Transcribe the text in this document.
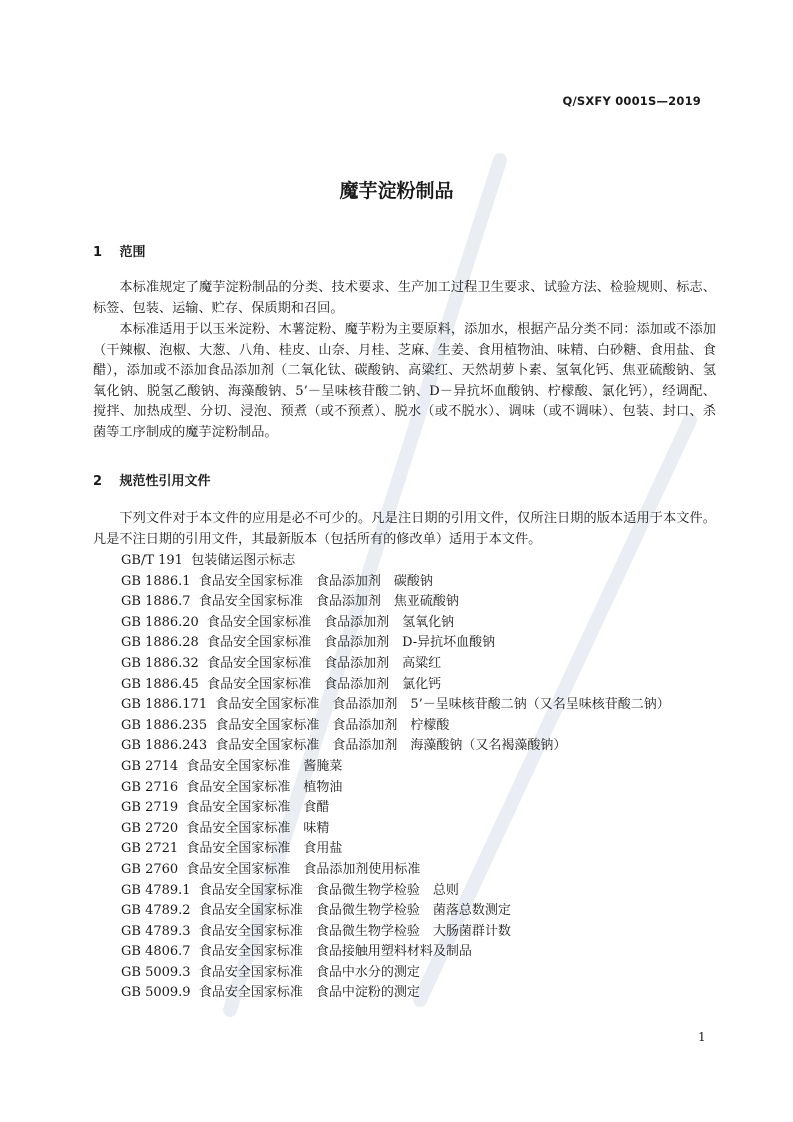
Q/SXFY 0001S—2019
魔芋淀粉制品
1 范围
本标准规定了魔芋淀粉制品的分类、技术要求、生产加工过程卫生要求、试验方法、检验规则、标志、标签、包装、运输、贮存、保质期和召回。
本标准适用于以玉米淀粉、木薯淀粉、魔芋粉为主要原料，添加水，根据产品分类不同：添加或不添加（干辣椒、泡椒、大葱、八角、桂皮、山奈、月桂、芝麻、生姜、食用植物油、味精、白砂糖、食用盐、食醋），添加或不添加食品添加剂（二氧化钛、碳酸钠、高粱红、天然胡萝卜素、氢氧化钙、焦亚硫酸钠、氢氧化钠、脱氢乙酸钠、海藻酸钠、5’－呈味核苷酸二钠、D－异抗坏血酸钠、柠檬酸、氯化钙），经调配、搅拌、加热成型、分切、浸泡、预煮（或不预煮）、脱水（或不脱水）、调味（或不调味）、包装、封口、杀菌等工序制成的魔芋淀粉制品。
2 规范性引用文件
下列文件对于本文件的应用是必不可少的。凡是注日期的引用文件，仅所注日期的版本适用于本文件。凡是不注日期的引用文件，其最新版本（包括所有的修改单）适用于本文件。
GB/T 191 包装储运图示标志
GB 1886.1 食品安全国家标准　食品添加剂　碳酸钠
GB 1886.7 食品安全国家标准　食品添加剂　焦亚硫酸钠
GB 1886.20 食品安全国家标准　食品添加剂　氢氧化钠
GB 1886.28 食品安全国家标准　食品添加剂　D-异抗坏血酸钠
GB 1886.32 食品安全国家标准　食品添加剂　高粱红
GB 1886.45 食品安全国家标准　食品添加剂　氯化钙
GB 1886.171 食品安全国家标准　食品添加剂　5’－呈味核苷酸二钠（又名呈味核苷酸二钠）
GB 1886.235 食品安全国家标准　食品添加剂　柠檬酸
GB 1886.243 食品安全国家标准　食品添加剂　海藻酸钠（又名褐藻酸钠）
GB 2714 食品安全国家标准　酱腌菜
GB 2716 食品安全国家标准　植物油
GB 2719 食品安全国家标准　食醋
GB 2720 食品安全国家标准　味精
GB 2721 食品安全国家标准　食用盐
GB 2760 食品安全国家标准　食品添加剂使用标准
GB 4789.1 食品安全国家标准　食品微生物学检验　总则
GB 4789.2 食品安全国家标准　食品微生物学检验　菌落总数测定
GB 4789.3 食品安全国家标准　食品微生物学检验　大肠菌群计数
GB 4806.7 食品安全国家标准　食品接触用塑料材料及制品
GB 5009.3 食品安全国家标准　食品中水分的测定
GB 5009.9 食品安全国家标准　食品中淀粉的测定
1
